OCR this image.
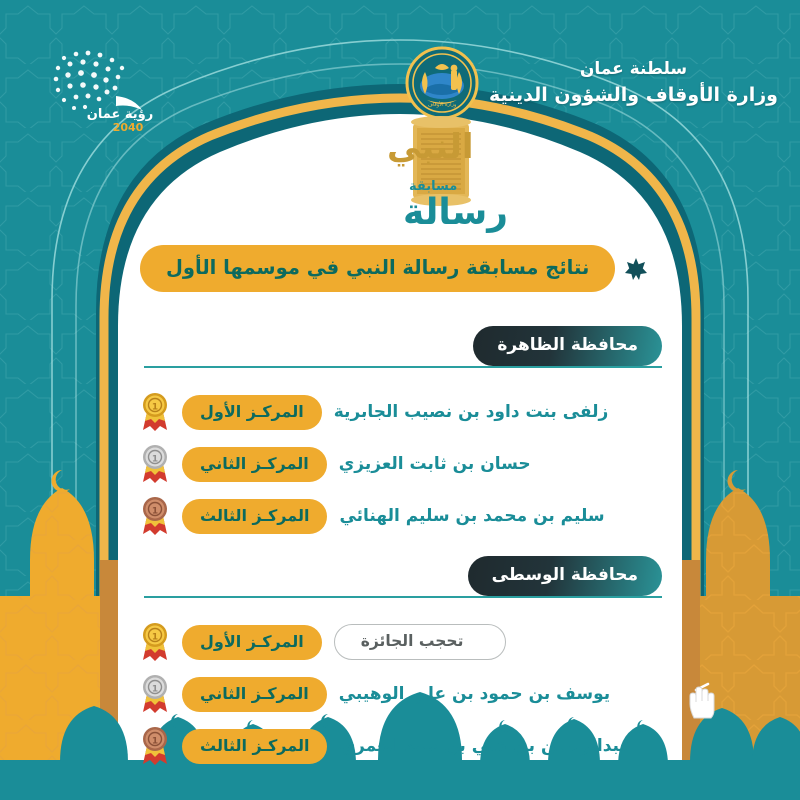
رؤية عمان
2040
سلطنة عمان
وزارة الأوقاف والشؤون الدينية
وزارة الأوقاف
النبي
مسابقة
رسالة
نتائج مسابقة رسالة النبي في موسمها الأول
محافظة الظاهرة
1	المركـز الأول	زلفى بنت داود بن نصيب الجابرية
1	المركـز الثاني	حسان بن ثابت العزيزي
1	المركـز الثالث	سليم بن محمد بن سليم الهنائي
محافظة الوسطى
1	المركـز الأول	تحجب الجائزة
1	المركـز الثاني	يوسف بن حمود بن علي الوهيبي
1	المركـز الثالث	عبدالرحمن بن علي بن حمد العمري
